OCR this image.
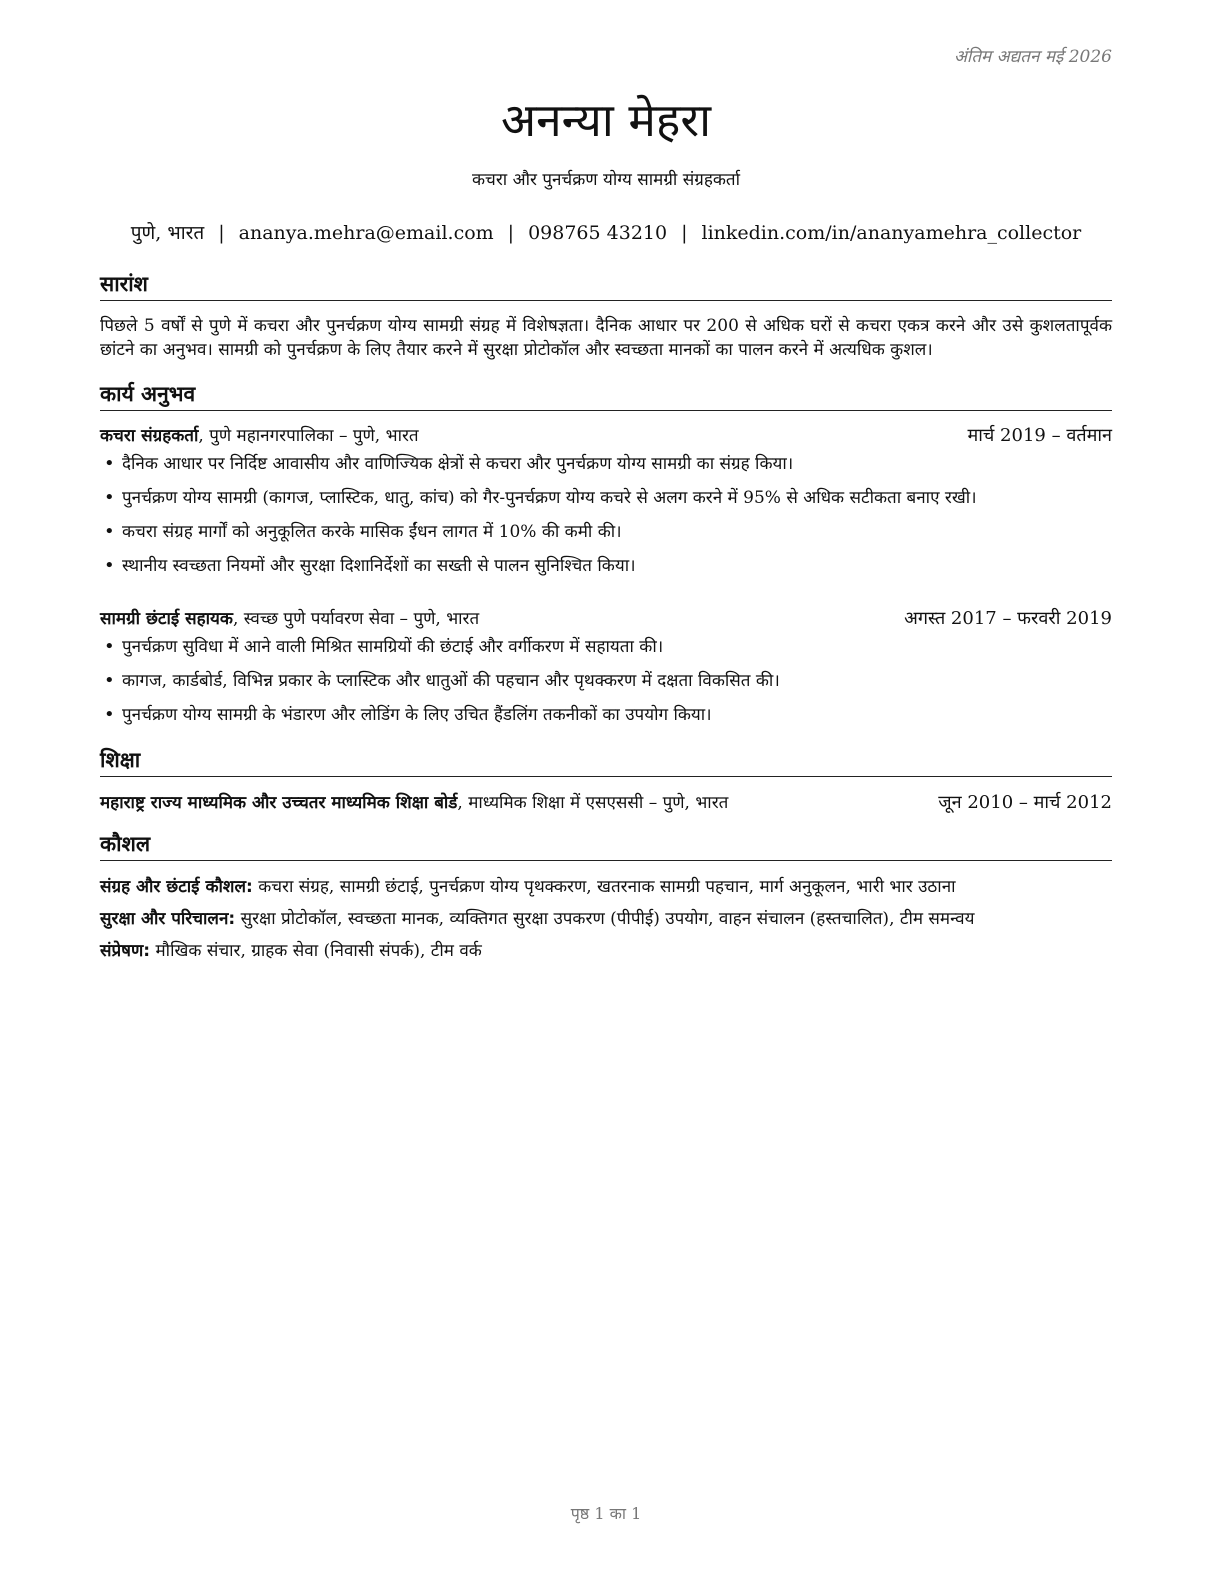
अंतिम अद्यतन मई 2026
अनन्या मेहरा
कचरा और पुनर्चक्रण योग्य सामग्री संग्रहकर्ता
पुणे, भारत | ananya.mehra@email.com | 098765 43210 | linkedin.com/in/ananyamehra_collector
सारांश
पिछले 5 वर्षों से पुणे में कचरा और पुनर्चक्रण योग्य सामग्री संग्रह में विशेषज्ञता। दैनिक आधार पर 200 से अधिक घरों से कचरा एकत्र करने और उसे कुशलतापूर्वक छांटने का अनुभव। सामग्री को पुनर्चक्रण के लिए तैयार करने में सुरक्षा प्रोटोकॉल और स्वच्छता मानकों का पालन करने में अत्यधिक कुशल।
कार्य अनुभव
कचरा संग्रहकर्ता, पुणे महानगरपालिका – पुणे, भारत	मार्च 2019 – वर्तमान
• दैनिक आधार पर निर्दिष्ट आवासीय और वाणिज्यिक क्षेत्रों से कचरा और पुनर्चक्रण योग्य सामग्री का संग्रह किया।
• पुनर्चक्रण योग्य सामग्री (कागज, प्लास्टिक, धातु, कांच) को गैर-पुनर्चक्रण योग्य कचरे से अलग करने में 95% से अधिक सटीकता बनाए रखी।
• कचरा संग्रह मार्गों को अनुकूलित करके मासिक ईंधन लागत में 10% की कमी की।
• स्थानीय स्वच्छता नियमों और सुरक्षा दिशानिर्देशों का सख्ती से पालन सुनिश्चित किया।
सामग्री छंटाई सहायक, स्वच्छ पुणे पर्यावरण सेवा – पुणे, भारत	अगस्त 2017 – फरवरी 2019
• पुनर्चक्रण सुविधा में आने वाली मिश्रित सामग्रियों की छंटाई और वर्गीकरण में सहायता की।
• कागज, कार्डबोर्ड, विभिन्न प्रकार के प्लास्टिक और धातुओं की पहचान और पृथक्करण में दक्षता विकसित की।
• पुनर्चक्रण योग्य सामग्री के भंडारण और लोडिंग के लिए उचित हैंडलिंग तकनीकों का उपयोग किया।
शिक्षा
महाराष्ट्र राज्य माध्यमिक और उच्चतर माध्यमिक शिक्षा बोर्ड, माध्यमिक शिक्षा में एसएससी – पुणे, भारत	जून 2010 – मार्च 2012
कौशल
संग्रह और छंटाई कौशल: कचरा संग्रह, सामग्री छंटाई, पुनर्चक्रण योग्य पृथक्करण, खतरनाक सामग्री पहचान, मार्ग अनुकूलन, भारी भार उठाना
सुरक्षा और परिचालन: सुरक्षा प्रोटोकॉल, स्वच्छता मानक, व्यक्तिगत सुरक्षा उपकरण (पीपीई) उपयोग, वाहन संचालन (हस्तचालित), टीम समन्वय
संप्रेषण: मौखिक संचार, ग्राहक सेवा (निवासी संपर्क), टीम वर्क
पृष्ठ 1 का 1
